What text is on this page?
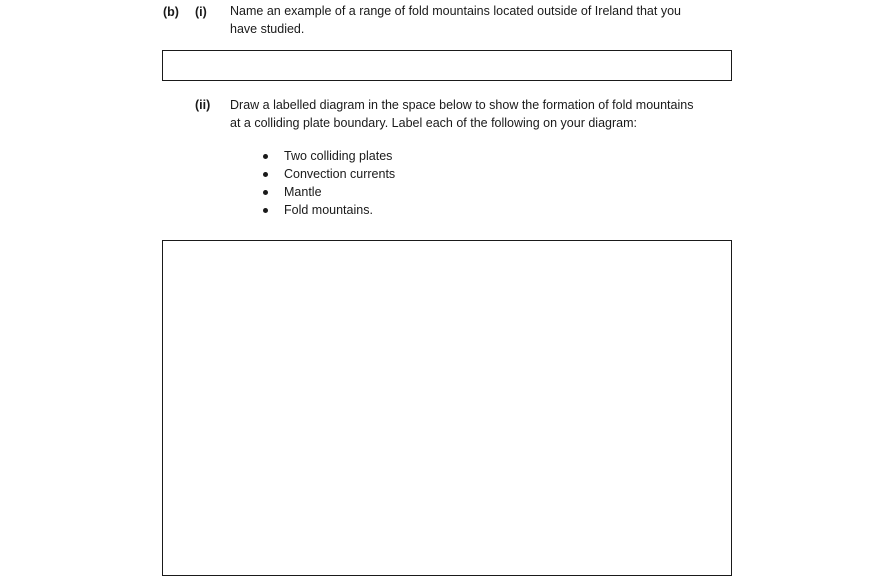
(b) (i) Name an example of a range of fold mountains located outside of Ireland that you
have studied.
(ii) Draw a labelled diagram in the space below to show the formation of fold mountains
at a colliding plate boundary. Label each of the following on your diagram:
Two colliding plates
Convection currents
Mantle
Fold mountains.
